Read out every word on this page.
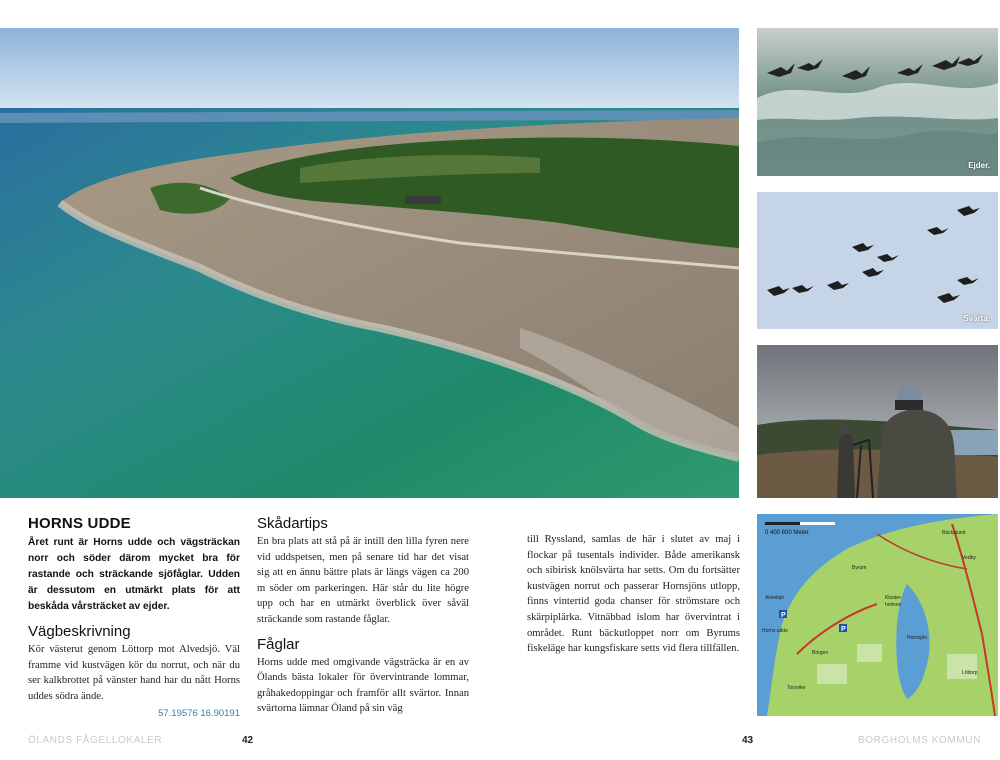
Ejder.
Svärta.
0 400 800 Meter
P
P
Byrum
Hornsjön
Kloster-
holmen
Borgen
Torsvike
Alvedsjö
Horns udde
Bäckalund
Vedby
Löttorp
HORNS UDDE

Året runt är Horns udde och vägsträckan norr och söder därom mycket bra för rastande och sträckande sjöfåglar. Udden är dessutom en utmärkt plats för att beskåda vårsträcket av ejder.

Vägbeskrivning

Kör västerut genom Löttorp mot Alvedsjö. Väl framme vid kustvägen kör du norrut, och när du ser kalkbrottet på vänster hand har du nått Horns uddes södra ände.

57.19576 16.90191
Skådartips

En bra plats att stå på är intill den lilla fyren nere vid uddspetsen, men på senare tid har det visat sig att en ännu bättre plats är längs vägen ca 200 m söder om parkeringen. Här står du lite högre upp och har en utmärkt överblick över såväl sträckande som rastande fåglar.

Fåglar

Horns udde med omgivande vägsträcka är en av Ölands bästa lokaler för övervintrande lommar, gråhakedoppingar och framför allt svärtor. Innan svärtorna lämnar Öland på sin väg

till Ryssland, samlas de här i slutet av maj i flockar på tusentals individer. Både amerikansk och sibirisk knölsvärta har setts. Om du fortsätter kustvägen norrut och passerar Hornsjöns utlopp, finns vintertid goda chanser för strömstare och skärpiplärka. Vitnäbbad islom har övervintrat i området. Runt bäckutloppet norr om Byrums fiskeläge har kungsfiskare setts vid flera tillfällen.

ÖLANDS FÅGELLOKALER	42	43	BORGHOLMS KOMMUN
